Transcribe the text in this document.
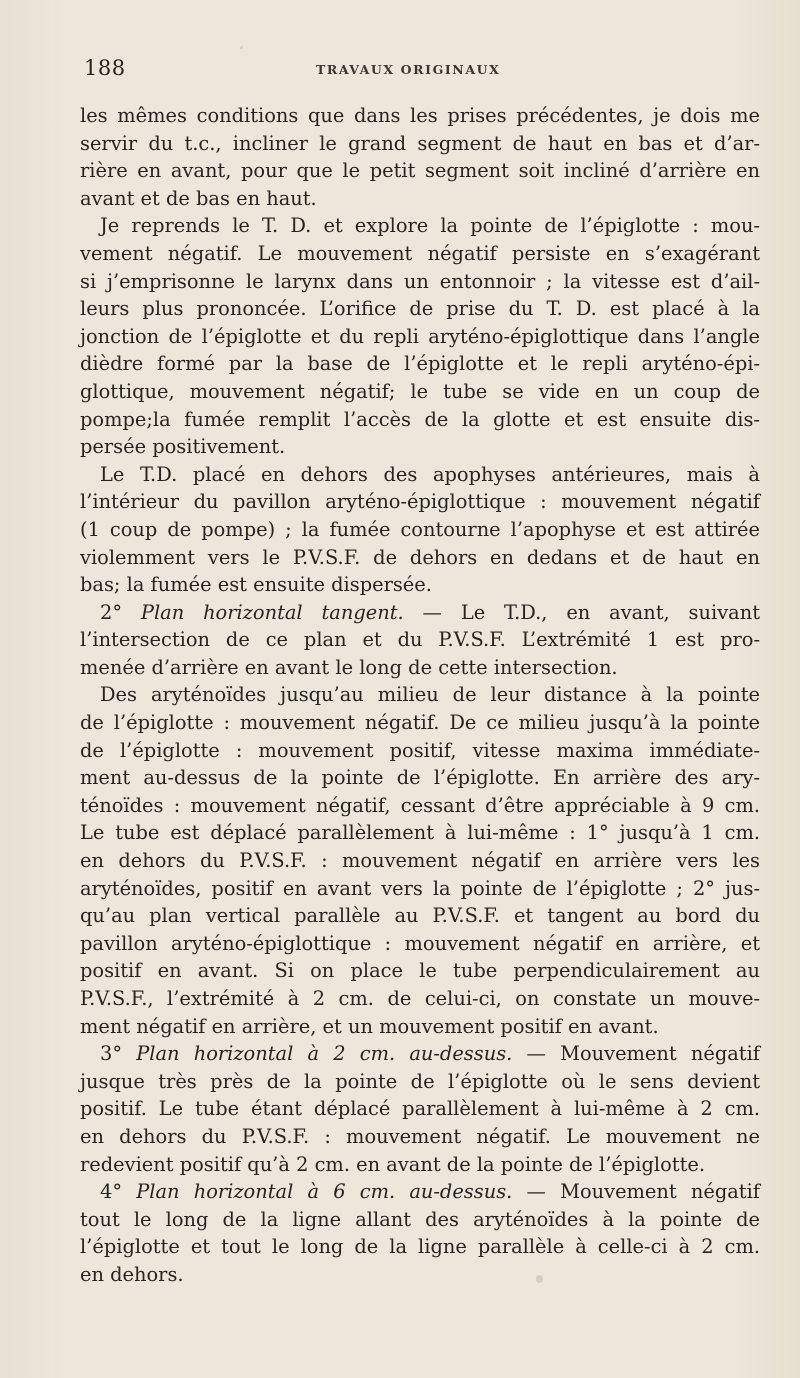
188	TRAVAUX ORIGINAUX
les mêmes conditions que dans les prises précédentes, je dois me
servir du t.c., incliner le grand segment de haut en bas et d’ar-
rière en avant, pour que le petit segment soit incliné d’arrière en
avant et de bas en haut.
Je reprends le T. D. et explore la pointe de l’épiglotte : mou-
vement négatif. Le mouvement négatif persiste en s’exagérant
si j’emprisonne le larynx dans un entonnoir ; la vitesse est d’ail-
leurs plus prononcée. L’orifice de prise du T. D. est placé à la
jonction de l’épiglotte et du repli aryténo-épiglottique dans l’angle
dièdre formé par la base de l’épiglotte et le repli aryténo-épi-
glottique, mouvement négatif; le tube se vide en un coup de
pompe;la fumée remplit l’accès de la glotte et est ensuite dis-
persée positivement.
Le T.D. placé en dehors des apophyses antérieures, mais à
l’intérieur du pavillon aryténo-épiglottique : mouvement négatif
(1 coup de pompe) ; la fumée contourne l’apophyse et est attirée
violemment vers le P.V.S.F. de dehors en dedans et de haut en
bas; la fumée est ensuite dispersée.
2° Plan horizontal tangent. — Le T.D., en avant, suivant
l’intersection de ce plan et du P.V.S.F. L’extrémité 1 est pro-
menée d’arrière en avant le long de cette intersection.
Des aryténoïdes jusqu’au milieu de leur distance à la pointe
de l’épiglotte : mouvement négatif. De ce milieu jusqu’à la pointe
de l’épiglotte : mouvement positif, vitesse maxima immédiate-
ment au-dessus de la pointe de l’épiglotte. En arrière des ary-
ténoïdes : mouvement négatif, cessant d’être appréciable à 9 cm.
Le tube est déplacé parallèlement à lui-même : 1° jusqu’à 1 cm.
en dehors du P.V.S.F. : mouvement négatif en arrière vers les
aryténoïdes, positif en avant vers la pointe de l’épiglotte ; 2° jus-
qu’au plan vertical parallèle au P.V.S.F. et tangent au bord du
pavillon aryténo-épiglottique : mouvement négatif en arrière, et
positif en avant. Si on place le tube perpendiculairement au
P.V.S.F., l’extrémité à 2 cm. de celui-ci, on constate un mouve-
ment négatif en arrière, et un mouvement positif en avant.
3° Plan horizontal à 2 cm. au-dessus. — Mouvement négatif
jusque très près de la pointe de l’épiglotte où le sens devient
positif. Le tube étant déplacé parallèlement à lui-même à 2 cm.
en dehors du P.V.S.F. : mouvement négatif. Le mouvement ne
redevient positif qu’à 2 cm. en avant de la pointe de l’épiglotte.
4° Plan horizontal à 6 cm. au-dessus. — Mouvement négatif
tout le long de la ligne allant des aryténoïdes à la pointe de
l’épiglotte et tout le long de la ligne parallèle à celle-ci à 2 cm.
en dehors.
